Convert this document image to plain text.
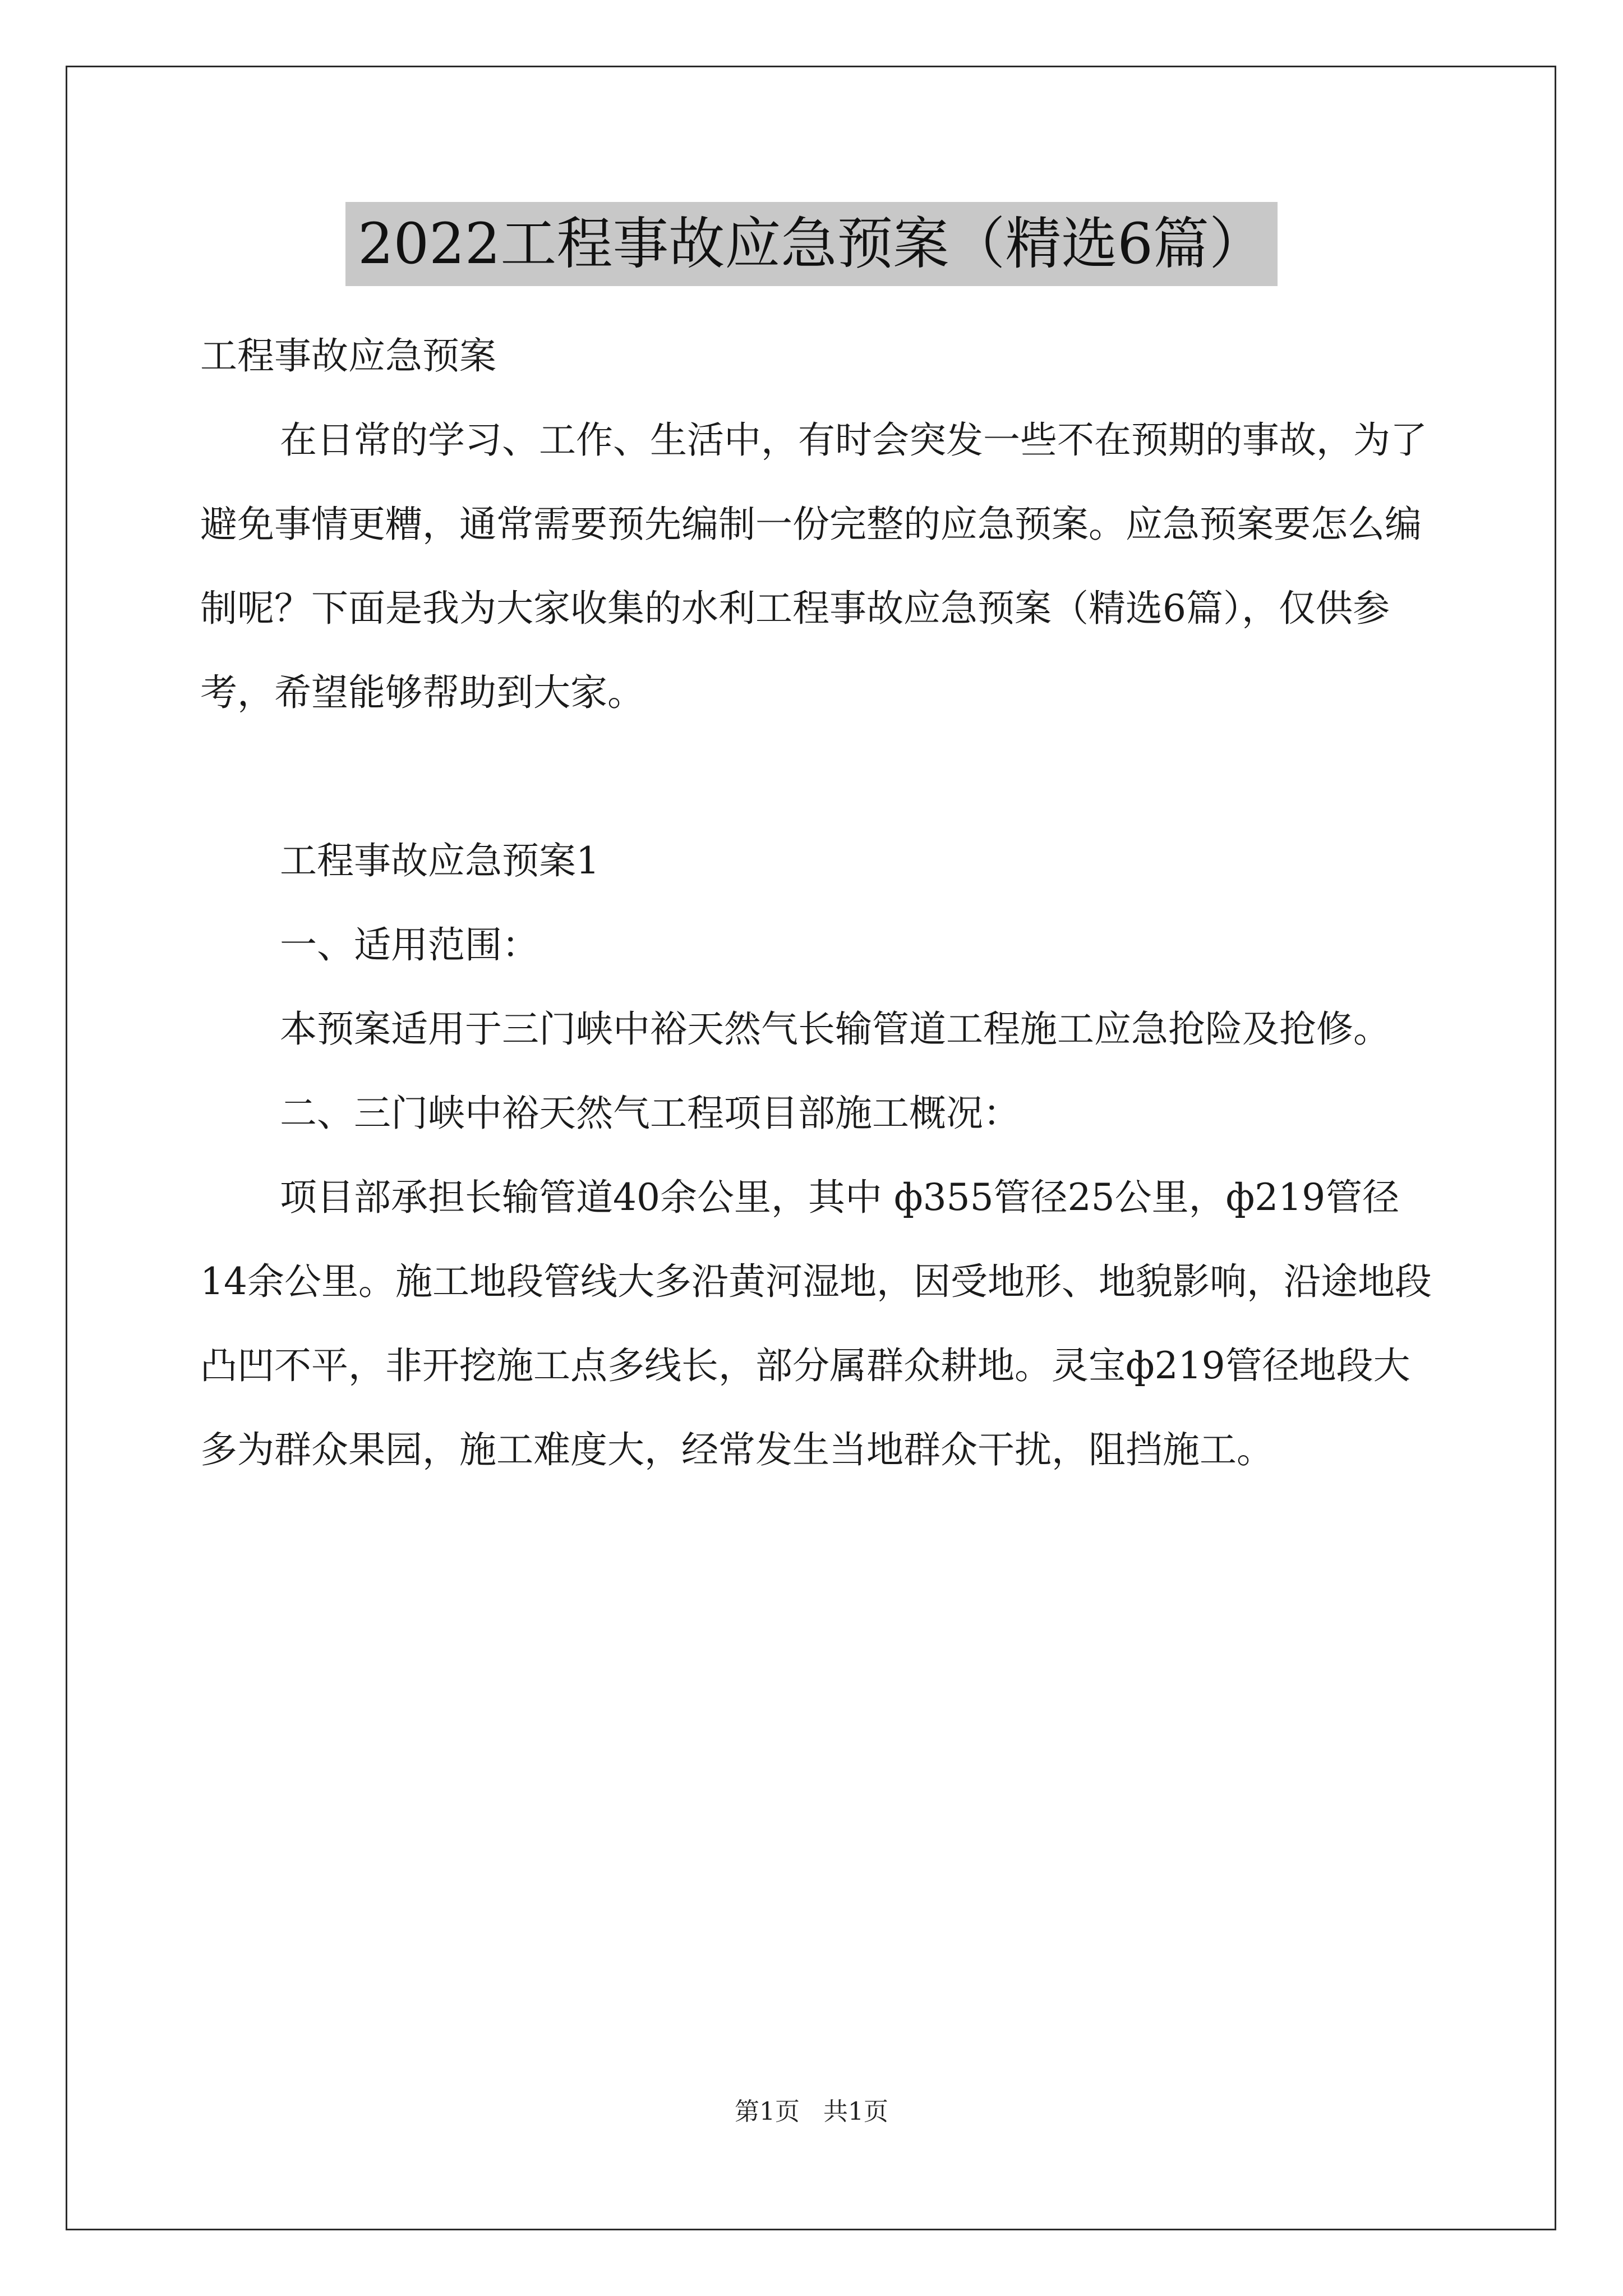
2022工程事故应急预案（精选6篇）

工程事故应急预案

在日常的学习、工作、生活中，有时会突发一些不在预期的事故，为了避免事情更糟，通常需要预先编制一份完整的应急预案。应急预案要怎么编制呢？下面是我为大家收集的水利工程事故应急预案（精选6篇），仅供参考，希望能够帮助到大家。

工程事故应急预案1

一、适用范围：

本预案适用于三门峡中裕天然气长输管道工程施工应急抢险及抢修。

二、三门峡中裕天然气工程项目部施工概况：

项目部承担长输管道40余公里，其中 ф355管径25公里，ф219管径14余公里。施工地段管线大多沿黄河湿地，因受地形、地貌影响，沿途地段凸凹不平，非开挖施工点多线长，部分属群众耕地。灵宝ф219管径地段大多为群众果园，施工难度大，经常发生当地群众干扰，阻挡施工。

第1页   共1页
